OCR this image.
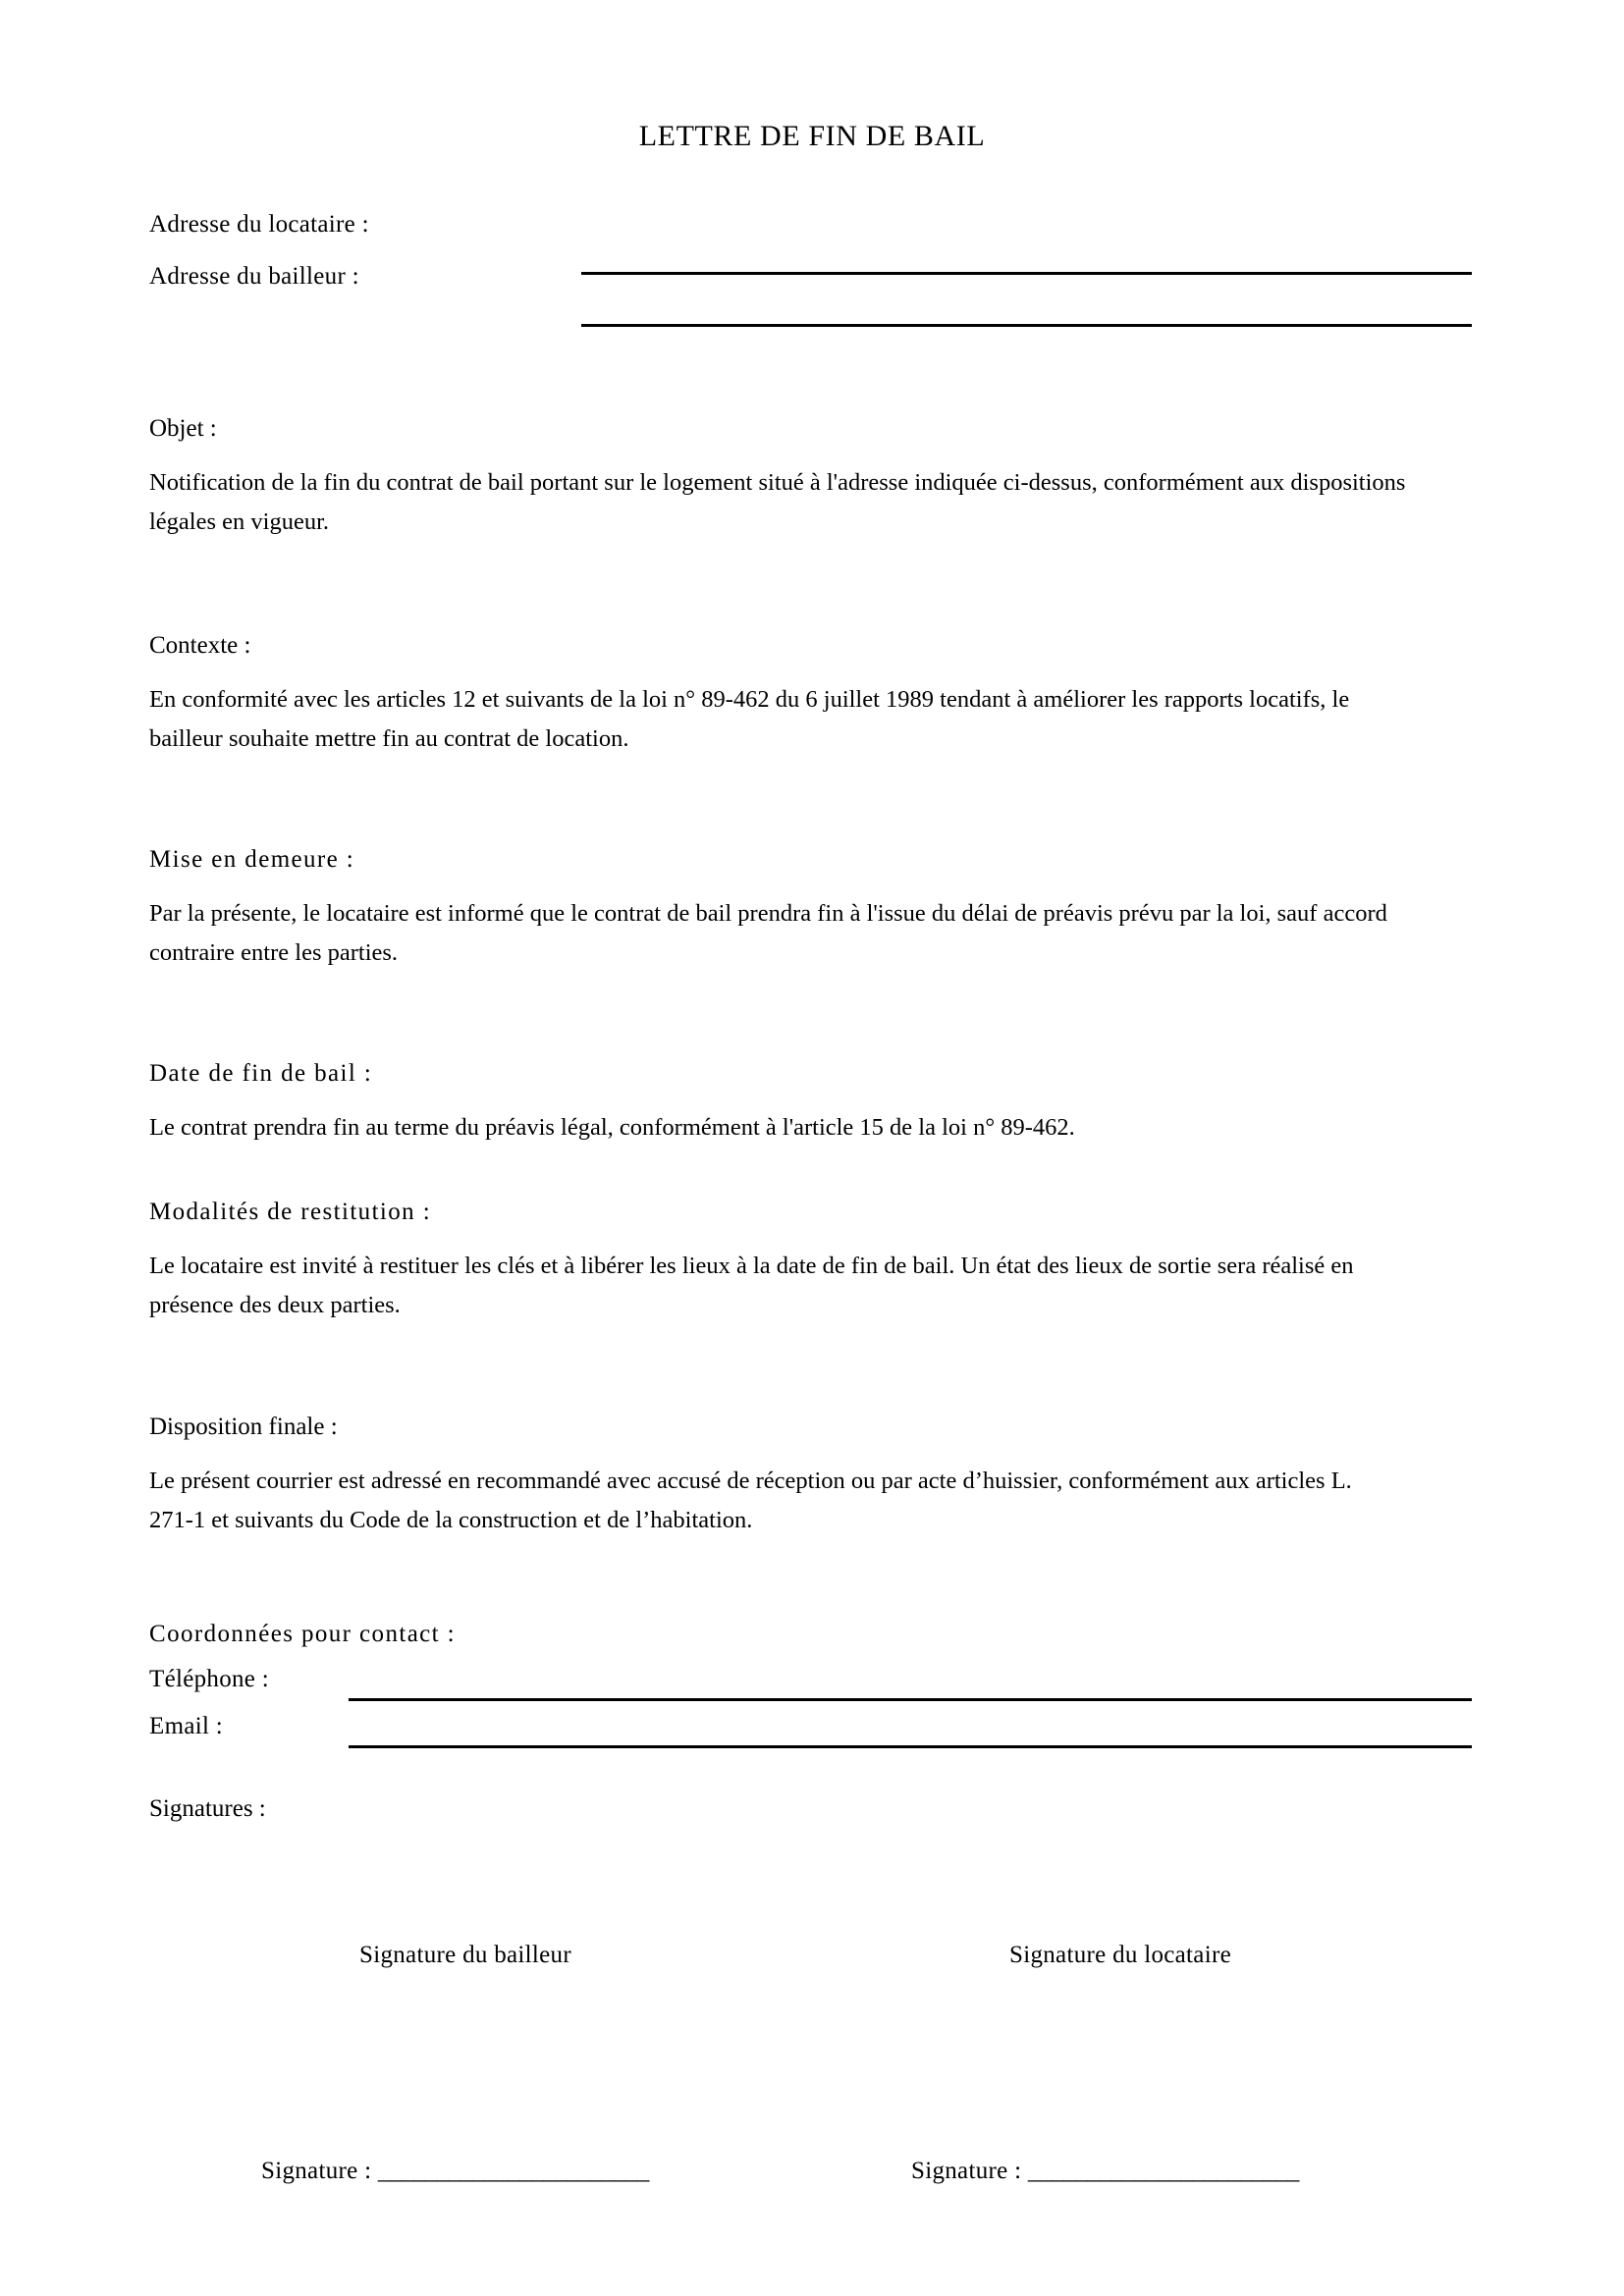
LETTRE DE FIN DE BAIL
Adresse du locataire :
Adresse du bailleur :
Objet :
Notification de la fin du contrat de bail portant sur le logement situé à l'adresse indiquée ci-dessus, conformément aux dispositions légales en vigueur.
Contexte :
En conformité avec les articles 12 et suivants de la loi n° 89-462 du 6 juillet 1989 tendant à améliorer les rapports locatifs, le bailleur souhaite mettre fin au contrat de location.
Mise en demeure :
Par la présente, le locataire est informé que le contrat de bail prendra fin à l'issue du délai de préavis prévu par la loi, sauf accord contraire entre les parties.
Date de fin de bail :
Le contrat prendra fin au terme du préavis légal, conformément à l'article 15 de la loi n° 89-462.
Modalités de restitution :
Le locataire est invité à restituer les clés et à libérer les lieux à la date de fin de bail. Un état des lieux de sortie sera réalisé en présence des deux parties.
Disposition finale :
Le présent courrier est adressé en recommandé avec accusé de réception ou par acte d’huissier, conformément aux articles L. 271-1 et suivants du Code de la construction et de l’habitation.
Coordonnées pour contact :
Téléphone :
Email :
Signatures :
Signature du bailleur	Signature du locataire
Signature : _______________________	Signature : _______________________
